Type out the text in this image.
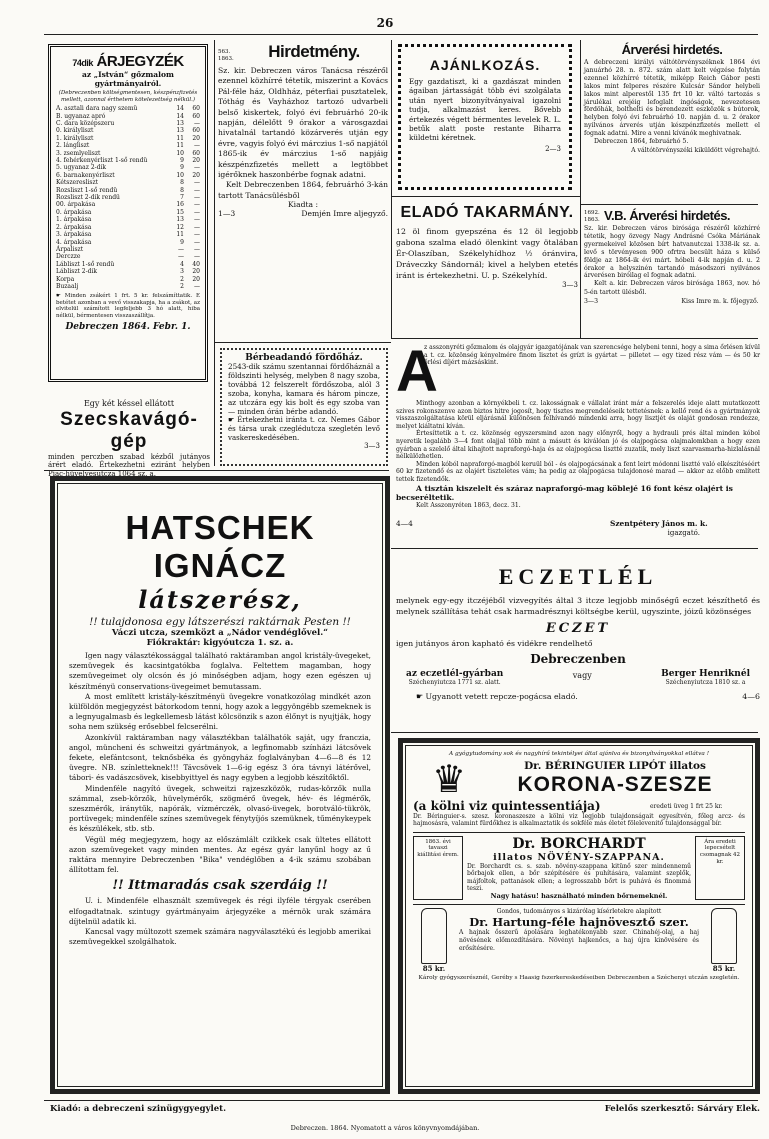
26
74dik ÁRJEGYZÉK
az „István“ gőzmalom gyártmányairól.
(Debreczenben költségmentesen, készpénzfizetés mellett, azonnal érthetem kötelezettség nélkül.)
A. asztali dara nagy szemü	14 60
B. ugyanaz apró	14 60
C. dara középszeru	13 —
0. királyliszt	13 60
1. királyliszt	11 20
2. lángliszt	11 —
3. zsemlyeliszt	10 60
4. fehérkenyérliszt 1-ső rendü	9 20
5. ugyanaz 2-dik	9 —
6. barnakenyérliszt	10 20
Kétszeresliszt	8 —
Rozsliszt 1-ső rendü	8 —
Rozsliszt 2-dik rendü	7 —
00. árpakása	16 —
0. árpakása	15 —
1. árpakása	13 —
2. árpakása	12 —
3. árpakása	11 —
4. árpakása	9 —
Árpaliszt	— —
Derczze	— —
Lábliszt 1-ső rendü	4 40
Lábliszt 2-dik	3 20
Korpa	2 20
Buzaalj	2 —
☛ Minden zsákért 1 frt. 5 kr. felszámíttatik. E betétet azonban a vevő visszakapja, ha a zsákot, az elvitelül számított legfeljebb 3 hó alatt, hiba nélkül, bérmentesen visszaszállítja.
Debreczen 1864. Febr. 1.
Egy két késsel ellátott
Szecskavágó-gép
minden perczben szabad kézből jutányos árért eladó. Értekezhetni eziránt helyben Piac-hüvelyesutcza 1064 sz. a.
2—2
563. 1863.	Hirdetmény.
Sz. kir. Debreczen város Tanácsa részéről ezennel közhírré tétetik, miszerint a Kovács Pál-féle ház, Oldhház, péterfiai pusztatelek, Tóthág és Vayházhoz tartozó udvarbeli belső kiskertek, folyó évi februárhó 20-ik napján, délelőtt 9 órakor a városgazdai hivatalnál tartandó közárverés utján egy évre, vagyis folyó évi márczius 1-ső napjától 1865-ik év márczius 1-ső napjáig készpénzfizetés mellett a legtöbbet igérőknek haszonbérbe fognak adatni.
Kelt Debreczenben 1864, februárhó 3-kán tartott Tanácsülésből
Kiadta :
1—3	Demjén Imre aljegyző.
AJÁNLKOZÁS.
Egy gazdatiszt, ki a gazdászat minden ágaiban jártasságát több évi szolgálata után nyert bizonyítványaival igazolni tudja, alkalmazást keres. Bővebb értekezés végett bérmentes levelek R. L. betűk alatt poste restante Biharra küldetni kéretnek.
2—3
ELADÓ TAKARMÁNY.
12 öl finom gyepszéna és 12 öl legjobb gabona szalma eladó ölenkint vagy ötalában Ér-Olaszíban, Székelyhídhoz ½ óránvira, Dráveczky Sándornál; kivel a helyben etetés iránt is értekezhetni. U. p. Székelyhíd.
3—3
Bérbeadandó fördőház.
2543-dik számu szentannai fördőháznál a földszinti helység, melyben 8 nagy szoba, továbbá 12 felszerelt fördőszoba, alól 3 szoba, konyha, kamara és három pincze, az utczára egy kis bolt és egy szoba van — minden órán bérbe adandó.
☛ Értekezhetni iránta t. cz. Nemes Gábor és társa urak czeglédutcza szegletén levő vaskereskedésében.
3—3
Árverési hirdetés.
A debreczeni királyi váltótörvényszéknek 1864 évi januárhó 28. n. 872. szám alatt kelt végzése folytán ezennel közhírré tétetik, miképp Reich Gábor pesti lakos mint felperes részére Kulcsár Sándor helybeli lakos mint alperestől 135 frt 10 kr. váltó tartozás s járulékai erejéig lefoglalt ingóságok, nevezetesen fördöhák, bolthelti és berendezett eszközök s bútorok, helyben folyó évi februárhó 10. napján d. u. 2 órakor nyilvános árverés utján készpénzfizetés mellett el fognak adatni. Mire a venni kívánók meghivatnak.
Debreczen 1864, februárhó 5.
A váltótörvényszéki kiküldött végrehajtó.
1692. 1863. V.B. Árverési hirdetés.
Sz. kir. Debreczen város birósága részéről közhírré tétetik, hogy özvegy Nagy Andrásné Csóka Máriának gyermekeivel közösen bírt hatvanutczai 1338-ik sz. a. levő s törvényesen 900 ofrtra becsült háza s külső földje az 1864-ik évi márt. hóbeli 4-ik napján d. u. 2 órakor a helyszinén tartandó másodszori nyilvános árverésen biróilag el fognak adatni.
Kelt a. kir. Debreczen város birósága 1863, nov. hó 5-én tartott ülésből.
3—3	Kiss Imre m. k. főjegyző.
A
z asszonyréti gőzmalom és olajgyár igazgatójának van szerencsége helybeni tenni, hogy a sima őrlésen kívül a t. cz. közönség kényelmére finom lisztet és grízt is gyártat — pilletet — egy tized rész vám — és 50 kr őrlési díjért mázsáskint.
Minthogy azonban a környékbeli t. cz. lakosságnak e vállalat iránt már a felszerelés ideje alatt mutatkozott szives rokonszenve azon biztos hitre jogosít, hogy tisztes megrendeléseik tettetésnek: a kellő rend és a gyártmányok visszaszolgáltatása körül eljárásnál különösen felhívandó mindenki arra, hogy lisztjét és olaját gondosan rendezze, melyet kiáltatni kíván.
Értesíttetik a t. cz. közönség egyszersmind azon nagy előnyről, hogy a hydrauli prés által minden kóbol nyeretik legalább 3—4 font olajjal több mint a másutt és kiválóan jó és olajpogácsa olajmalomkban a hogy ezen gyárban a szelelő által kihajtott napraforgó-haja és az olajpogácsa lisztté zuzatik, mely liszt szarvasmarha-hizlalásnál nélkülözhetlen.
Minden kóból napraforgó-magból keruül ból - és olajpogácsának a fent leirt módonni lisztté való elkészítéséért 60 kr fizetendő és az olajért tiszteletes vám; ha pedig az olajpogácsa tulajdonosé marad — akkor az előbb említett tettek fizetendők.
A tisztán kiszelelt és száraz napraforgó-mag köblejé 16 font kész olajért is becseréltetik.
Kelt Asszonyréten 1863, decz. 31.
4—4	Szentpétery János m. k.
igazgató.
HATSCHEK IGNÁCZ
látszerész,
!! tulajdonosa egy látszerészi raktárnak Pesten !!
Váczi utcza, szemközt a „Nádor vendéglővel.“
Fiókraktár: kigyóutcza 1. sz. a.
Igen nagy választékossággal található raktáramban angol kristály-üvegeket, szemüvegek és kacsintgatókba foglalva. Feltettem magamban, hogy szemüvegeimet oly olcsón és jó minőségben adjam, hogy ezen egészen uj készítményü conservations-üvegeimet bemutassam.
A most említett kristály-készítményü üvegekre vonatkozólag mindkét azon külföldön megjegyzést bátorkodom tenni, hogy azok a leggyöngébb szemeknek is a legnyugalmasb és legkellemesb látást kölcsönzik s azon élőnyt is nyujtják, hogy soha nem szükség erősebbel felcserélni.
Azonkívül raktáramban nagy választékban találhatók saját, ugy franczia, angol, müncheni és schweitzi gyártmányok, a legfinomabb színházi látcsövek fekete, elefántcsont, teknősbéka és gyöngyház foglalványban 4—6—8 és 12 üvegre. NB. színletteknek!!! Távcsövek 1—6-ig egész 3 óra távnyi látérővel, tábori- és vadászcsövek, kisebbyittyel és nagy egyben a legjobb készítőktől.
Mindenféle nagyító üvegek, schweitzi rajzeszközök, rudas-körzők nulla számmal, zseb-körzők, hüvelymérők, szögmérő üvegek, hév- és légmérők, szeszmérők, iránytűk, napórák, vízmérczék, olvasó-üvegek, borotváló-tükrök, portüvegek; mindenféle színes szemüvegek fénytyíjós szemüknek, tűménykeypek és készülékek, stb. stb.
Végül még megjegyzem, hogy az előszámlált czikkek csak ültetes ellátott azon szemüvegeket vagy minden mentes. Az egész gyár lanyűnl hogy az ű raktára mennyire Debreczenben "Bika" vendéglőben a 4-ik számu szobában állítottam fel.
!! Ittmaradás csak szerdáig !!
U. i. Mindenféle elhasznált szemüvegek és régi ilyféle térgyak cserében elfogadtatnak. szintugy gyártmányaim árjegyzéke a mérnök urak számára díjtelnül adatik ki.
Kancsal vagy múltozott szemek számára nagyválasztékú és legjobb amerikai szemüvegekkel szolgálhatok.
ECZETLÉL
melynek egy-egy itczéjéből vizvegyítés által 3 itcze legjobb minőségű eczet készíthető és melynek szállítása tehát csak harmadrésznyi költségbe kerül, ugyszinte, jóizű közönséges
ECZET
igen jutányos áron kapható és vidékre rendelhető
Debreczenben
az eczetlél-gyárban
Széchenyiutcza 1771 sz. alatt.
vagy	Berger Henriknél
Széchenyiutcza 1810 sz. a
☛ Ugyanott vetett repcze-pogácsa eladó.	4—6
A gyógytudomány sok és nagyhírű tekintélyei által ajánlva és bizonyítványokkal ellátva !
♛	Dr. BÉRINGUIER LIPÓT illatos
KORONA-SZESZE
(a kölni viz quintessentiája)	eredeti üveg 1 frt 25 kr.
Dr. Béringuier-s. szesz. koronaszesze a kölni viz legjobb tulajdonságait egyesítvén, főleg arcz- és hajmosásra, valamint fürdőkhez is alkalmaztatik és sokféle más életet fölelevenitő tulajdonsággal bír.
1863. évi tavaszi kiállitási érem.
Dr. BORCHARDT
illatos NÖVÉNY-SZAPPANA.
Dr. Borchardt cs. s. szab. növény-szappana kitünő szer mindennemű bőrbajok ellen, a bőr szépítésére és puhítására, valamint szeplők, májfoltok, pattanások ellen; a legrosszabb bőrt is puhává és finommá teszi.
Nagy hatásu! használható minden bőrnemeknél.
Ára eredeti lepecsételt csomagnak 42 kr.
85 kr.
Gondos, tudományos s kizárólag kísérletekre alapított
Dr. Hartung-féle hajnövesztő szer.
A hajnak ősszerű ápolására leghatékonyabb szer. Chinahéj-olaj, a haj növésének előmozdítására. Növényi hajkenőcs, a haj újra kinövésére és erősítésére.
85 kr.
Károly gyógyszerésznél, Geréby s Haasig fszerkereskedéseiben Debreczenben a Széchenyi utczán szegletén.
Kiadó: a debreczeni szinügygyegylet.	Felelős szerkesztő: Sárváry Elek.
Debreczen. 1864. Nyomatott a város könyvnyomdájában.
